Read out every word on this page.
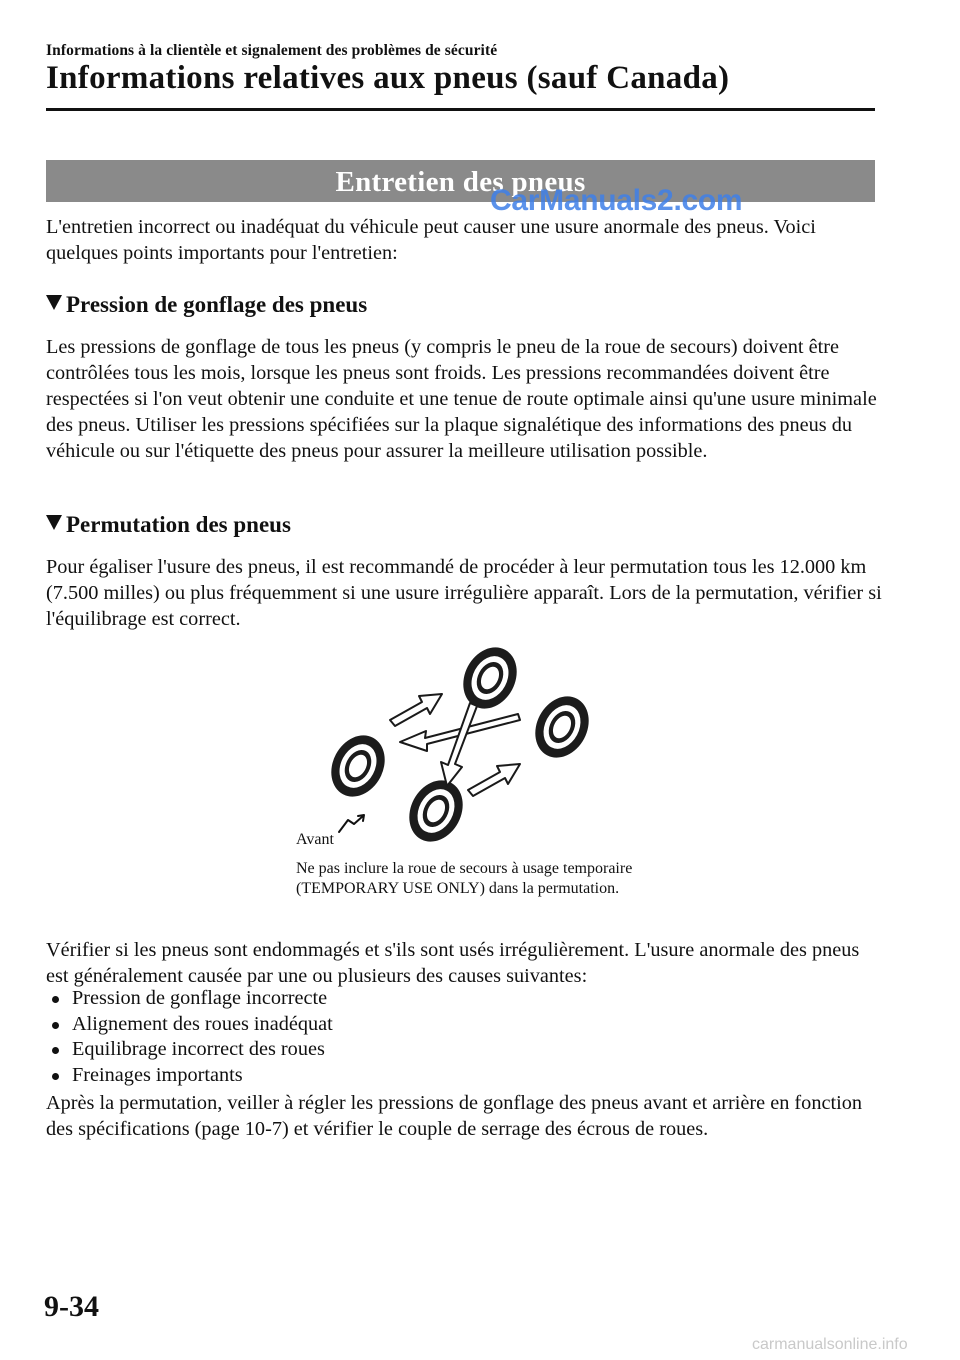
Informations à la clientèle et signalement des problèmes de sécurité
Informations relatives aux pneus (sauf Canada)
Entretien des pneus
CarManuals2.com

L'entretien incorrect ou inadéquat du véhicule peut causer une usure anormale des pneus. Voici quelques points importants pour l'entretien:

Pression de gonflage des pneus

Les pressions de gonflage de tous les pneus (y compris le pneu de la roue de secours) doivent être contrôlées tous les mois, lorsque les pneus sont froids. Les pressions recommandées doivent être respectées si l'on veut obtenir une conduite et une tenue de route optimale ainsi qu'une usure minimale des pneus. Utiliser les pressions spécifiées sur la plaque signalétique des informations des pneus du véhicule ou sur l'étiquette des pneus pour assurer la meilleure utilisation possible.

Permutation des pneus

Pour égaliser l'usure des pneus, il est recommandé de procéder à leur permutation tous les 12.000 km (7.500 milles) ou plus fréquemment si une usure irrégulière apparaît. Lors de la permutation, vérifier si l'équilibrage est correct.

Avant

Ne pas inclure la roue de secours à usage temporaire (TEMPORARY USE ONLY) dans la permutation.

Vérifier si les pneus sont endommagés et s'ils sont usés irrégulièrement. L'usure anormale des pneus est généralement causée par une ou plusieurs des causes suivantes:

Pression de gonflage incorrecte
Alignement des roues inadéquat
Equilibrage incorrect des roues
Freinages importants

Après la permutation, veiller à régler les pressions de gonflage des pneus avant et arrière en fonction des spécifications (page 10-7) et vérifier le couple de serrage des écrous de roues.

9-34
carmanualsonline.info
